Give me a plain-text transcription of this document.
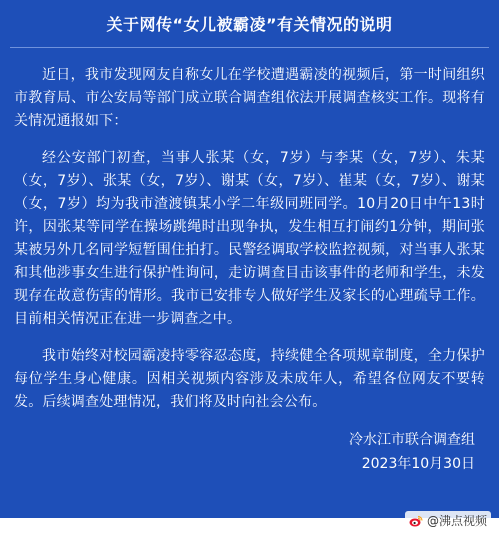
关于网传“女儿被霸凌”有关情况的说明

近日，我市发现网友自称女儿在学校遭遇霸凌的视频后，第一时间组织市教育局、市公安局等部门成立联合调查组依法开展调查核实工作。现将有关情况通报如下：

经公安部门初查，当事人张某（女，7岁）与李某（女，7岁）、朱某（女，7岁）、张某（女，7岁）、谢某（女，7岁）、崔某（女，7岁）、谢某（女，7岁）均为我市渣渡镇某小学二年级同班同学。10月20日中午13时许，因张某等同学在操场跳绳时出现争执，发生相互打闹约1分钟，期间张某被另外几名同学短暂围住拍打。民警经调取学校监控视频，对当事人张某和其他涉事女生进行保护性询问，走访调查目击该事件的老师和学生，未发现存在故意伤害的情形。我市已安排专人做好学生及家长的心理疏导工作。目前相关情况正在进一步调查之中。

我市始终对校园霸凌持零容忍态度，持续健全各项规章制度，全力保护每位学生身心健康。因相关视频内容涉及未成年人，希望各位网友不要转发。后续调查处理情况，我们将及时向社会公布。

冷水江市联合调查组

2023年10月30日

@沸点视频
